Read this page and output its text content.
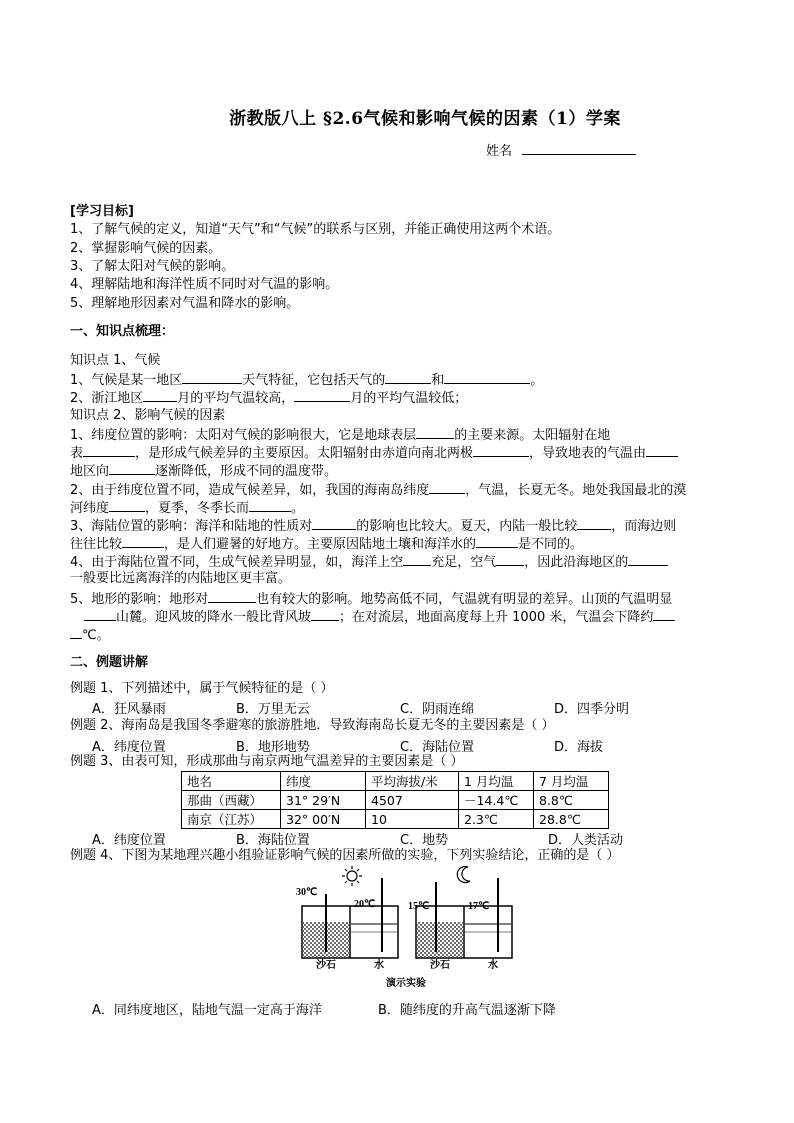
浙教版八上 §2.6气候和影响气候的因素（1）学案
姓名
[学习目标]
1、了解气候的定义，知道“天气”和“气候”的联系与区别，并能正确使用这两个术语。
2、掌握影响气候的因素。
3、了解太阳对气候的影响。
4、理解陆地和海洋性质不同时对气温的影响。
5、理解地形因素对气温和降水的影响。
一、知识点梳理：
知识点 1、气候
1、气候是某一地区	天气特征，它包括天气的	和	。
2、浙江地区	月的平均气温较高，	月的平均气温较低；
知识点 2、影响气候的因素
1、纬度位置的影响：太阳对气候的影响很大，它是地球表层	的主要来源。太阳辐射在地
表	，是形成气候差异的主要原因。太阳辐射由赤道向南北两极	，导致地表的气温由
地区向	逐渐降低，形成不同的温度带。
2、由于纬度位置不同，造成气候差异，如，我国的海南岛纬度	，气温，长夏无冬。地处我国最北的漠
河纬度	，夏季，冬季长而	。
3、海陆位置的影响：海洋和陆地的性质对	的影响也比较大。夏天，内陆一般比较	，而海边则
往往比较	，是人们避暑的好地方。主要原因陆地土壤和海洋水的	是不同的。
4、由于海陆位置不同，生成气候差异明显，如，海洋上空 充足，空气 ，因此沿海地区的
一般要比远离海洋的内陆地区更丰富。
5、地形的影响：地形对	也有较大的影响。地势高低不同，气温就有明显的差异。山顶的气温明显
山麓。迎风坡的降水一般比背风坡 ；在对流层，地面高度每上升 1000 米，气温会下降约
℃。
二、例题讲解
例题 1、下列描述中，属于气候特征的是（ ）
A．狂风暴雨	B．万里无云	C．阴雨连绵	D．四季分明
例题 2、海南岛是我国冬季避寒的旅游胜地．导致海南岛长夏无冬的主要因素是（ ）
A．纬度位置	B．地形地势	C．海陆位置	D．海拔
例题 3、由表可知，形成那曲与南京两地气温差异的主要因素是（ ）
地名	纬度	平均海拔/米	1 月均温	7 月均温
那曲（西藏）	31° 29′N	4507	－14.4℃	8.8℃
南京（江苏）	32° 00′N	10	2.3℃	28.8℃
A．纬度位置	B．海陆位置	C．地势	D．人类活动
例题 4、下图为某地理兴趣小组验证影响气候的因素所做的实验，下列实验结论，正确的是（ ）
30℃
20℃	15℃	17℃
沙石	水	沙石	水
演示实验
A．同纬度地区，陆地气温一定高于海洋	B．随纬度的升高气温逐渐下降
